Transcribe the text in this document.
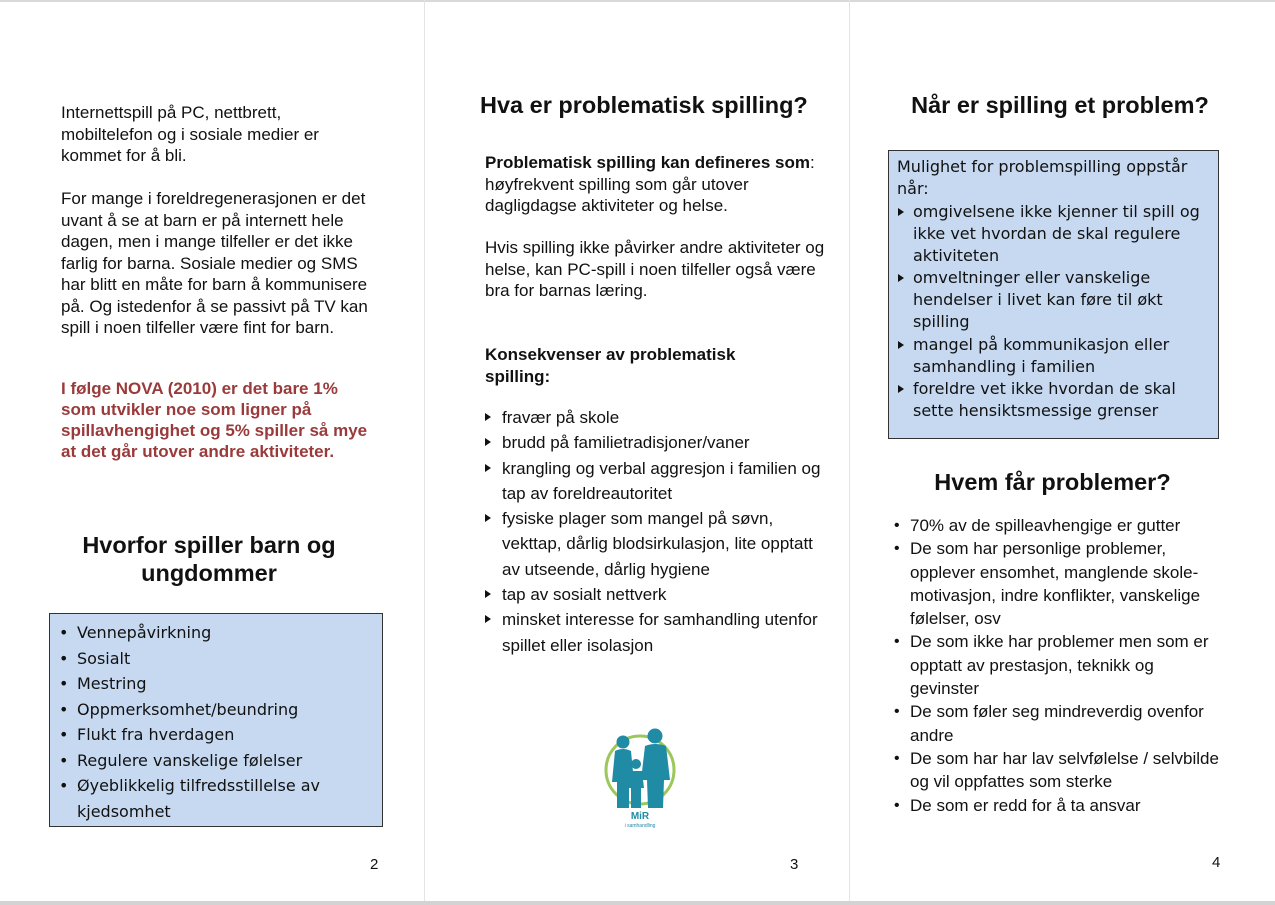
Internettspill på PC, nettbrett, mobiltelefon og i sosiale medier er kommet for å bli.
For mange i foreldregenerasjonen er det uvant å se at barn er på internett hele dagen, men i mange tilfeller er det ikke farlig for barna. Sosiale medier og SMS har blitt en måte for barn å kommunisere på. Og istedenfor å se passivt på TV kan spill i noen tilfeller være fint for barn.
I følge NOVA (2010) er det bare 1% som utvikler noe som ligner på spillavhengighet og 5% spiller så mye at det går utover andre aktiviteter.
Hvorfor spiller barn og ungdommer
• Vennepåvirkning
• Sosialt
• Mestring
• Oppmerksomhet/beundring
• Flukt fra hverdagen
• Regulere vanskelige følelser
• Øyeblikkelig tilfredsstillelse av kjedsomhet
2
Hva er problematisk spilling?
Problematisk spilling kan defineres som: høyfrekvent spilling som går utover dagligdagse aktiviteter og helse.
Hvis spilling ikke påvirker andre aktiviteter og helse, kan PC-spill i noen tilfeller også være bra for barnas læring.
Konsekvenser av problematisk spilling:
fravær på skole
brudd på familietradisjoner/vaner
krangling og verbal aggresjon i familien og tap av foreldreautoritet
fysiske plager som mangel på søvn, vekttap, dårlig blodsirkulasjon, lite opptatt av utseende, dårlig hygiene
tap av sosialt nettverk
minsket interesse for samhandling utenfor spillet eller isolasjon
MiR
i samhandling
3
Når er spilling et problem?
Mulighet for problemspilling oppstår når:
omgivelsene ikke kjenner til spill og ikke vet hvordan de skal regulere aktiviteten
omveltninger eller vanskelige hendelser i livet kan føre til økt spilling
mangel på kommunikasjon eller samhandling i familien
foreldre vet ikke hvordan de skal sette hensiktsmessige grenser
Hvem får problemer?
• 70% av de spilleavhengige er gutter
• De som har personlige problemer, opplever ensomhet, manglende skole-motivasjon, indre konflikter, vanskelige følelser, osv
• De som ikke har problemer men som er opptatt av prestasjon, teknikk og gevinster
• De som føler seg mindreverdig ovenfor andre
• De som har har lav selvfølelse / selvbilde og vil oppfattes som sterke
• De som er redd for å ta ansvar
4
